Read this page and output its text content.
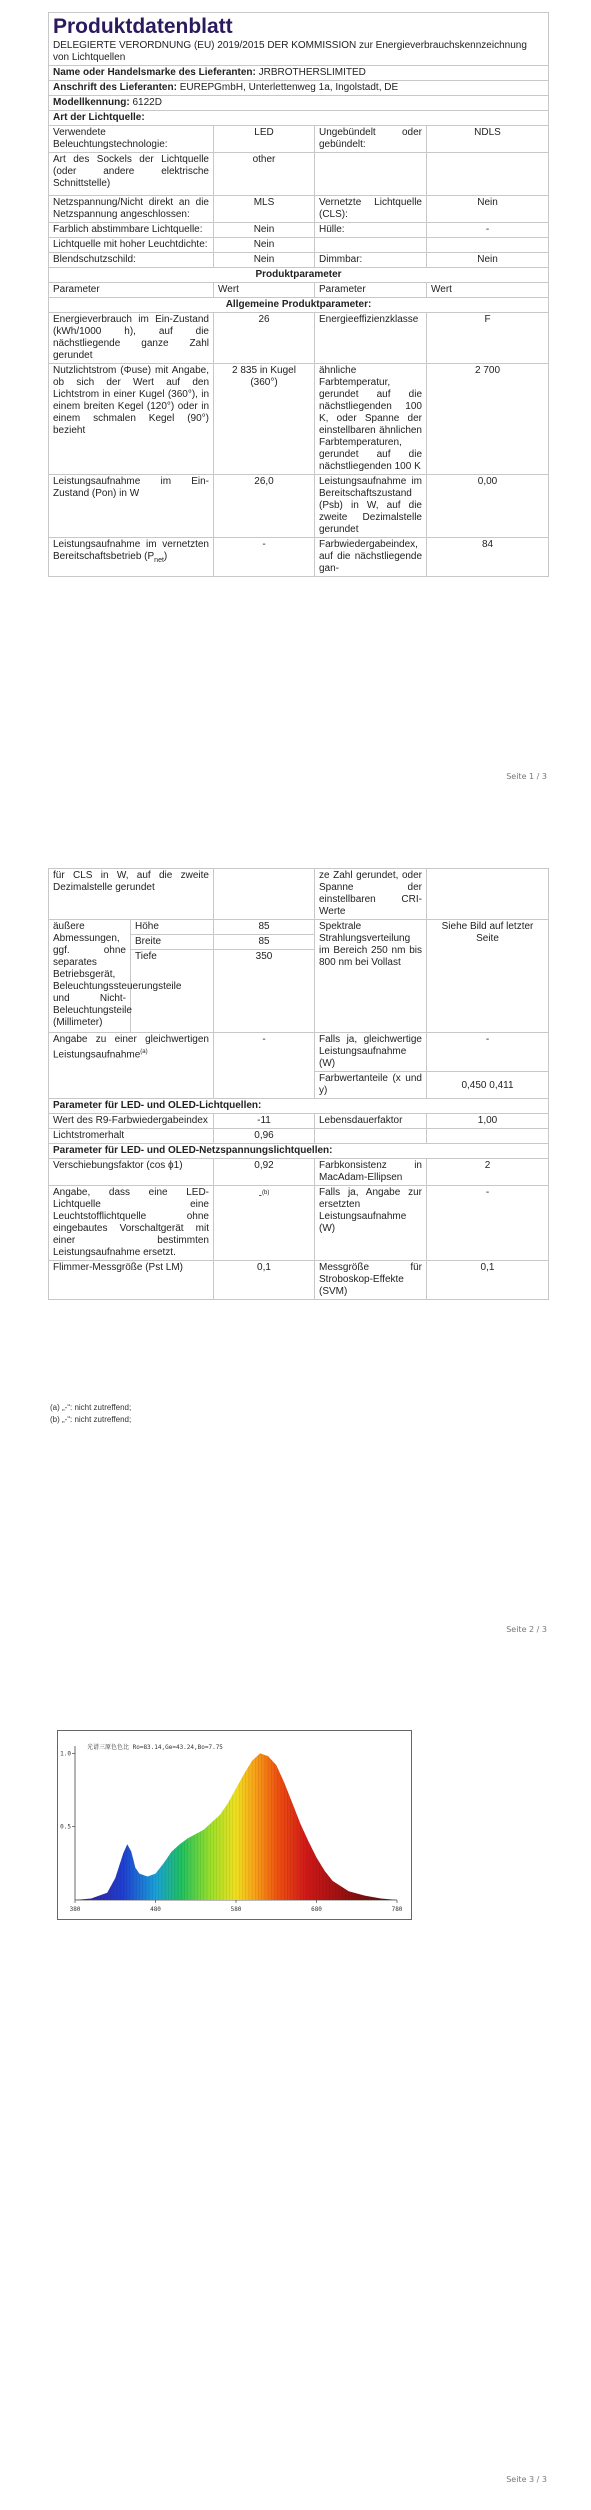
Produktdatenblatt
DELEGIERTE VERORDNUNG (EU) 2019/2015 DER KOMMISSION zur Energieverbrauchskennzeichnung von Lichtquellen			

Name oder Handelsmarke des Lieferanten: JRBROTHERSLIMITED			
Anschrift des Lieferanten: EUREPGmbH, Unterlettenweg 1a, Ingolstadt, DE			
Modellkennung: 6122D			
Art der Lichtquelle:			
Verwendete Beleuchtungstechnologie:	LED	Ungebündelt oder gebündelt:	NDLS
Art des Sockels der Lichtquelle (oder andere elektrische Schnittstelle)	other		
Netzspannung/Nicht direkt an die Netzspannung angeschlossen:	MLS	Vernetzte Lichtquelle (CLS):	Nein
Farblich abstimmbare Lichtquelle:	Nein	Hülle:	-
Lichtquelle mit hoher Leuchtdichte:	Nein		
Blendschutzschild:	Nein	Dimmbar:	Nein
Produktparameter			
Parameter	Wert	Parameter	Wert
Allgemeine Produktparameter:			
Energieverbrauch im Ein-Zustand (kWh/1000 h), auf die nächstliegende ganze Zahl gerundet	26	Energieeffizienzklasse	F
Nutzlichtstrom (Φuse) mit Angabe, ob sich der Wert auf den Lichtstrom in einer Kugel (360°), in einem breiten Kegel (120°) oder in einem schmalen Kegel (90°) bezieht	2 835 in Kugel (360°)	ähnliche Farbtemperatur, gerundet auf die nächstliegenden 100 K, oder Spanne der einstellbaren ähnlichen Farbtemperaturen, gerundet auf die nächstliegenden 100 K	2 700
Leistungsaufnahme im Ein-Zustand (Pon) in W	26,0	Leistungsaufnahme im Bereitschaftszustand (Psb) in W, auf die zweite Dezimalstelle gerundet	0,00
Leistungsaufnahme im vernetzten Bereitschaftsbetrieb $(P_{net})$	-	Farbwiedergabeindex, auf die nächstliegende gan-	84
Seite 1 / 3
für CLS in W, auf die zweite Dezimalstelle gerundet			ze Zahl gerundet, oder Spanne der einstellbaren CRI-Werte	
äußere Abmessungen, ggf. ohne separates Betriebsgerät, Beleuchtungssteuerungsteile und Nicht-Beleuchtungsteile (Millimeter)	Höhe	85	Spektrale Strahlungsverteilung im Bereich 250 nm bis 800 nm bei Vollast	Siehe Bild auf letzter Seite
	Breite	85		
	Tiefe	350		
Angabe zu einer gleichwertigen Leistungsaufnahme$^{(a)}$		-	Falls ja, gleichwertige Leistungsaufnahme (W)	-
			Farbwertanteile (x und y)	0,450 0,411
Parameter für LED- und OLED-Lichtquellen:				
Wert des R9-Farbwiedergabeindex		-11	Lebensdauerfaktor	1,00
Lichtstromerhalt		0,96		
Parameter für LED- und OLED-Netzspannungslichtquellen:				
Verschiebungsfaktor (cos ϕ1)		0,92	Farbkonsistenz in MacAdam-Ellipsen	2
Angabe, dass eine LED-Lichtquelle eine Leuchtstofflichtquelle ohne eingebautes Vorschaltgerät mit einer bestimmten Leistungsaufnahme ersetzt.		-$^{(b)}$	Falls ja, Angabe zur ersetzten Leistungsaufnahme (W)	-
Flimmer-Messgröße (Pst LM)		0,1	Messgröße für Stroboskop-Effekte (SVM)	0,1
(a) „-“: nicht zutreffend;
(b) „-“: nicht zutreffend;
Seite 2 / 3
光谱三原色色比 Ro=83.14,Ge=43.24,Bo=7.75
380	480	580	680	780
1.0
0.5
Seite 3 / 3
